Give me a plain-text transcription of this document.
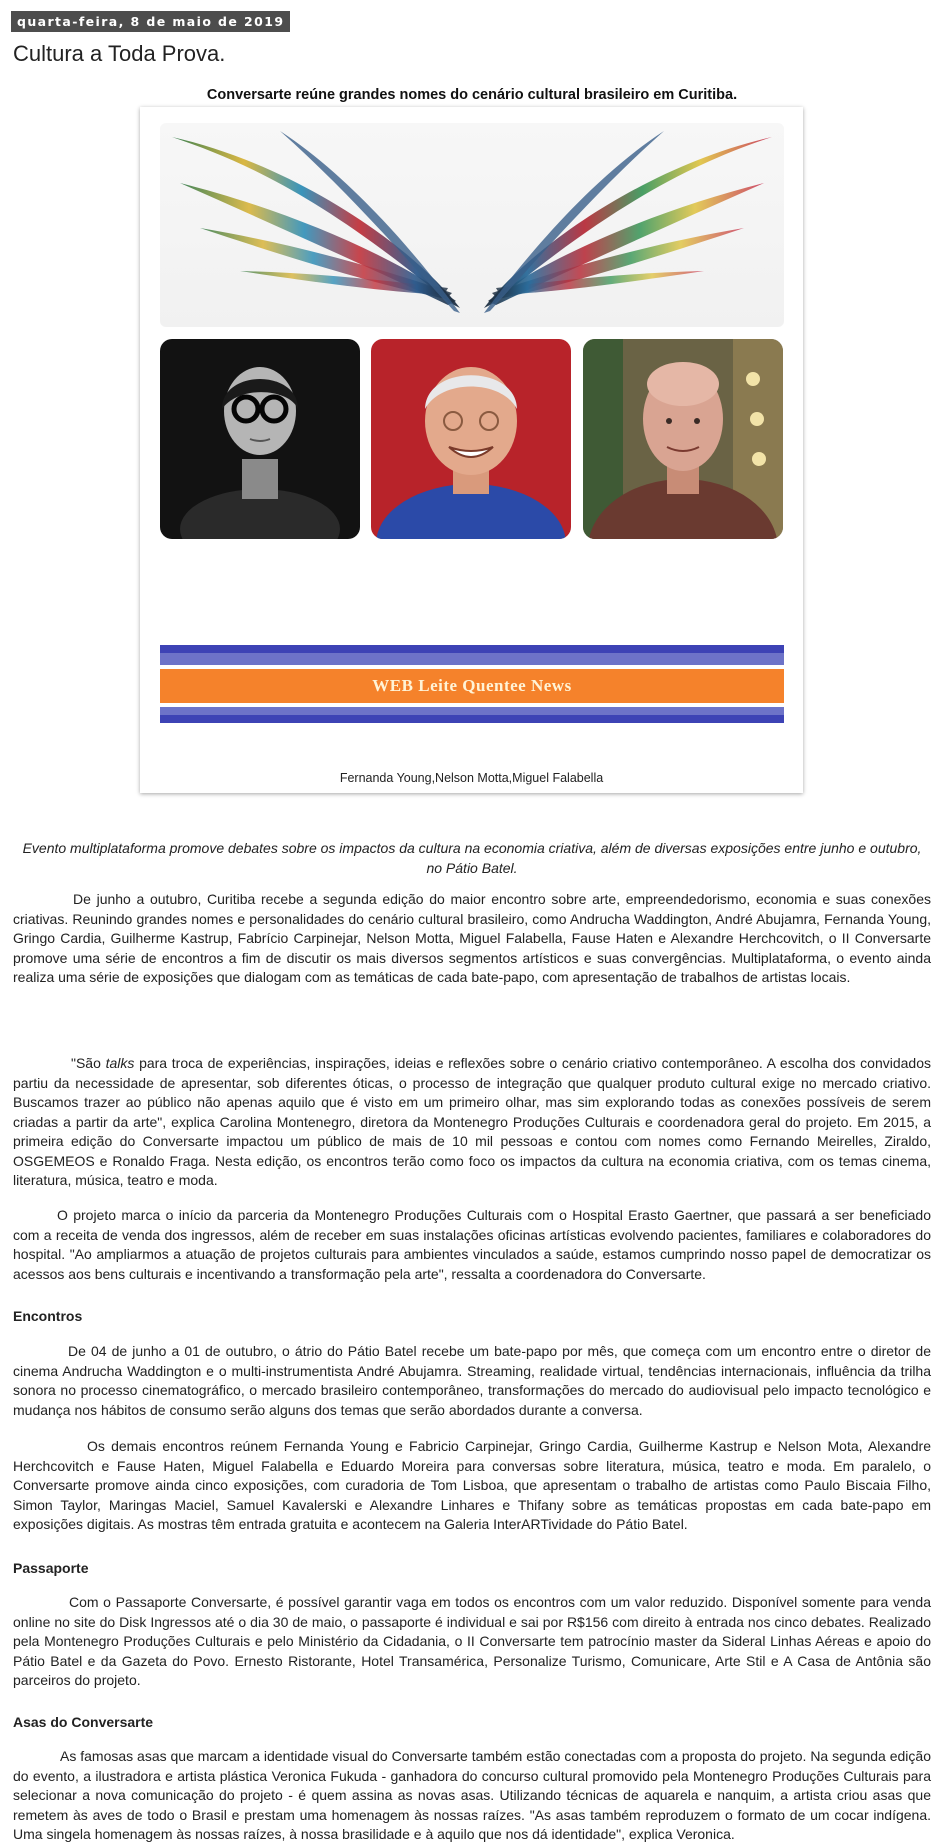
quarta-feira, 8 de maio de 2019
Cultura a Toda Prova.
Conversarte reúne grandes nomes do cenário cultural brasileiro em Curitiba.
WEB Leite Quentee News
Fernanda Young,Nelson Motta,Miguel Falabella
Evento multiplataforma promove debates sobre os impactos da cultura na economia criativa, além de diversas exposições entre junho e outubro, no Pátio Batel.

De junho a outubro, Curitiba recebe a segunda edição do maior encontro sobre arte, empreendedorismo, economia e suas conexões criativas. Reunindo grandes nomes e personalidades do cenário cultural brasileiro, como Andrucha Waddington, André Abujamra, Fernanda Young, Gringo Cardia, Guilherme Kastrup, Fabrício Carpinejar, Nelson Motta, Miguel Falabella, Fause Haten e Alexandre Herchcovitch, o II Conversarte promove uma série de encontros a fim de discutir os mais diversos segmentos artísticos e suas convergências. Multiplataforma, o evento ainda realiza uma série de exposições que dialogam com as temáticas de cada bate-papo, com apresentação de trabalhos de artistas locais.

"São talks para troca de experiências, inspirações, ideias e reflexões sobre o cenário criativo contemporâneo. A escolha dos convidados partiu da necessidade de apresentar, sob diferentes óticas, o processo de integração que qualquer produto cultural exige no mercado criativo. Buscamos trazer ao público não apenas aquilo que é visto em um primeiro olhar, mas sim explorando todas as conexões possíveis de serem criadas a partir da arte", explica Carolina Montenegro, diretora da Montenegro Produções Culturais e coordenadora geral do projeto. Em 2015, a primeira edição do Conversarte impactou um público de mais de 10 mil pessoas e contou com nomes como Fernando Meirelles, Ziraldo, OSGEMEOS e Ronaldo Fraga. Nesta edição, os encontros terão como foco os impactos da cultura na economia criativa, com os temas cinema, literatura, música, teatro e moda.

O projeto marca o início da parceria da Montenegro Produções Culturais com o Hospital Erasto Gaertner, que passará a ser beneficiado com a receita de venda dos ingressos, além de receber em suas instalações oficinas artísticas evolvendo pacientes, familiares e colaboradores do hospital. "Ao ampliarmos a atuação de projetos culturais para ambientes vinculados a saúde, estamos cumprindo nosso papel de democratizar os acessos aos bens culturais e incentivando a transformação pela arte", ressalta a coordenadora do Conversarte.

Encontros

De 04 de junho a 01 de outubro, o átrio do Pátio Batel recebe um bate-papo por mês, que começa com um encontro entre o diretor de cinema Andrucha Waddington e o multi-instrumentista André Abujamra. Streaming, realidade virtual, tendências internacionais, influência da trilha sonora no processo cinematográfico, o mercado brasileiro contemporâneo, transformações do mercado do audiovisual pelo impacto tecnológico e mudança nos hábitos de consumo serão alguns dos temas que serão abordados durante a conversa.

Os demais encontros reúnem Fernanda Young e Fabricio Carpinejar, Gringo Cardia, Guilherme Kastrup e Nelson Mota, Alexandre Herchcovitch e Fause Haten, Miguel Falabella e Eduardo Moreira para conversas sobre literatura, música, teatro e moda. Em paralelo, o Conversarte promove ainda cinco exposições, com curadoria de Tom Lisboa, que apresentam o trabalho de artistas como Paulo Biscaia Filho, Simon Taylor, Maringas Maciel, Samuel Kavalerski e Alexandre Linhares e Thifany sobre as temáticas propostas em cada bate-papo em exposições digitais. As mostras têm entrada gratuita e acontecem na Galeria InterARTividade do Pátio Batel.

Passaporte

Com o Passaporte Conversarte, é possível garantir vaga em todos os encontros com um valor reduzido. Disponível somente para venda online no site do Disk Ingressos até o dia 30 de maio, o passaporte é individual e sai por R$156 com direito à entrada nos cinco debates. Realizado pela Montenegro Produções Culturais e pelo Ministério da Cidadania, o II Conversarte tem patrocínio master da Sideral Linhas Aéreas e apoio do Pátio Batel e da Gazeta do Povo. Ernesto Ristorante, Hotel Transamérica, Personalize Turismo, Comunicare, Arte Stil e A Casa de Antônia são parceiros do projeto.

Asas do Conversarte

As famosas asas que marcam a identidade visual do Conversarte também estão conectadas com a proposta do projeto. Na segunda edição do evento, a ilustradora e artista plástica Veronica Fukuda - ganhadora do concurso cultural promovido pela Montenegro Produções Culturais para selecionar a nova comunicação do projeto - é quem assina as novas asas. Utilizando técnicas de aquarela e nanquim, a artista criou asas que remetem às aves de todo o Brasil e prestam uma homenagem às nossas raízes. "As asas também reproduzem o formato de um cocar indígena. Uma singela homenagem às nossas raízes, à nossa brasilidade e à aquilo que nos dá identidade", explica Veronica.
